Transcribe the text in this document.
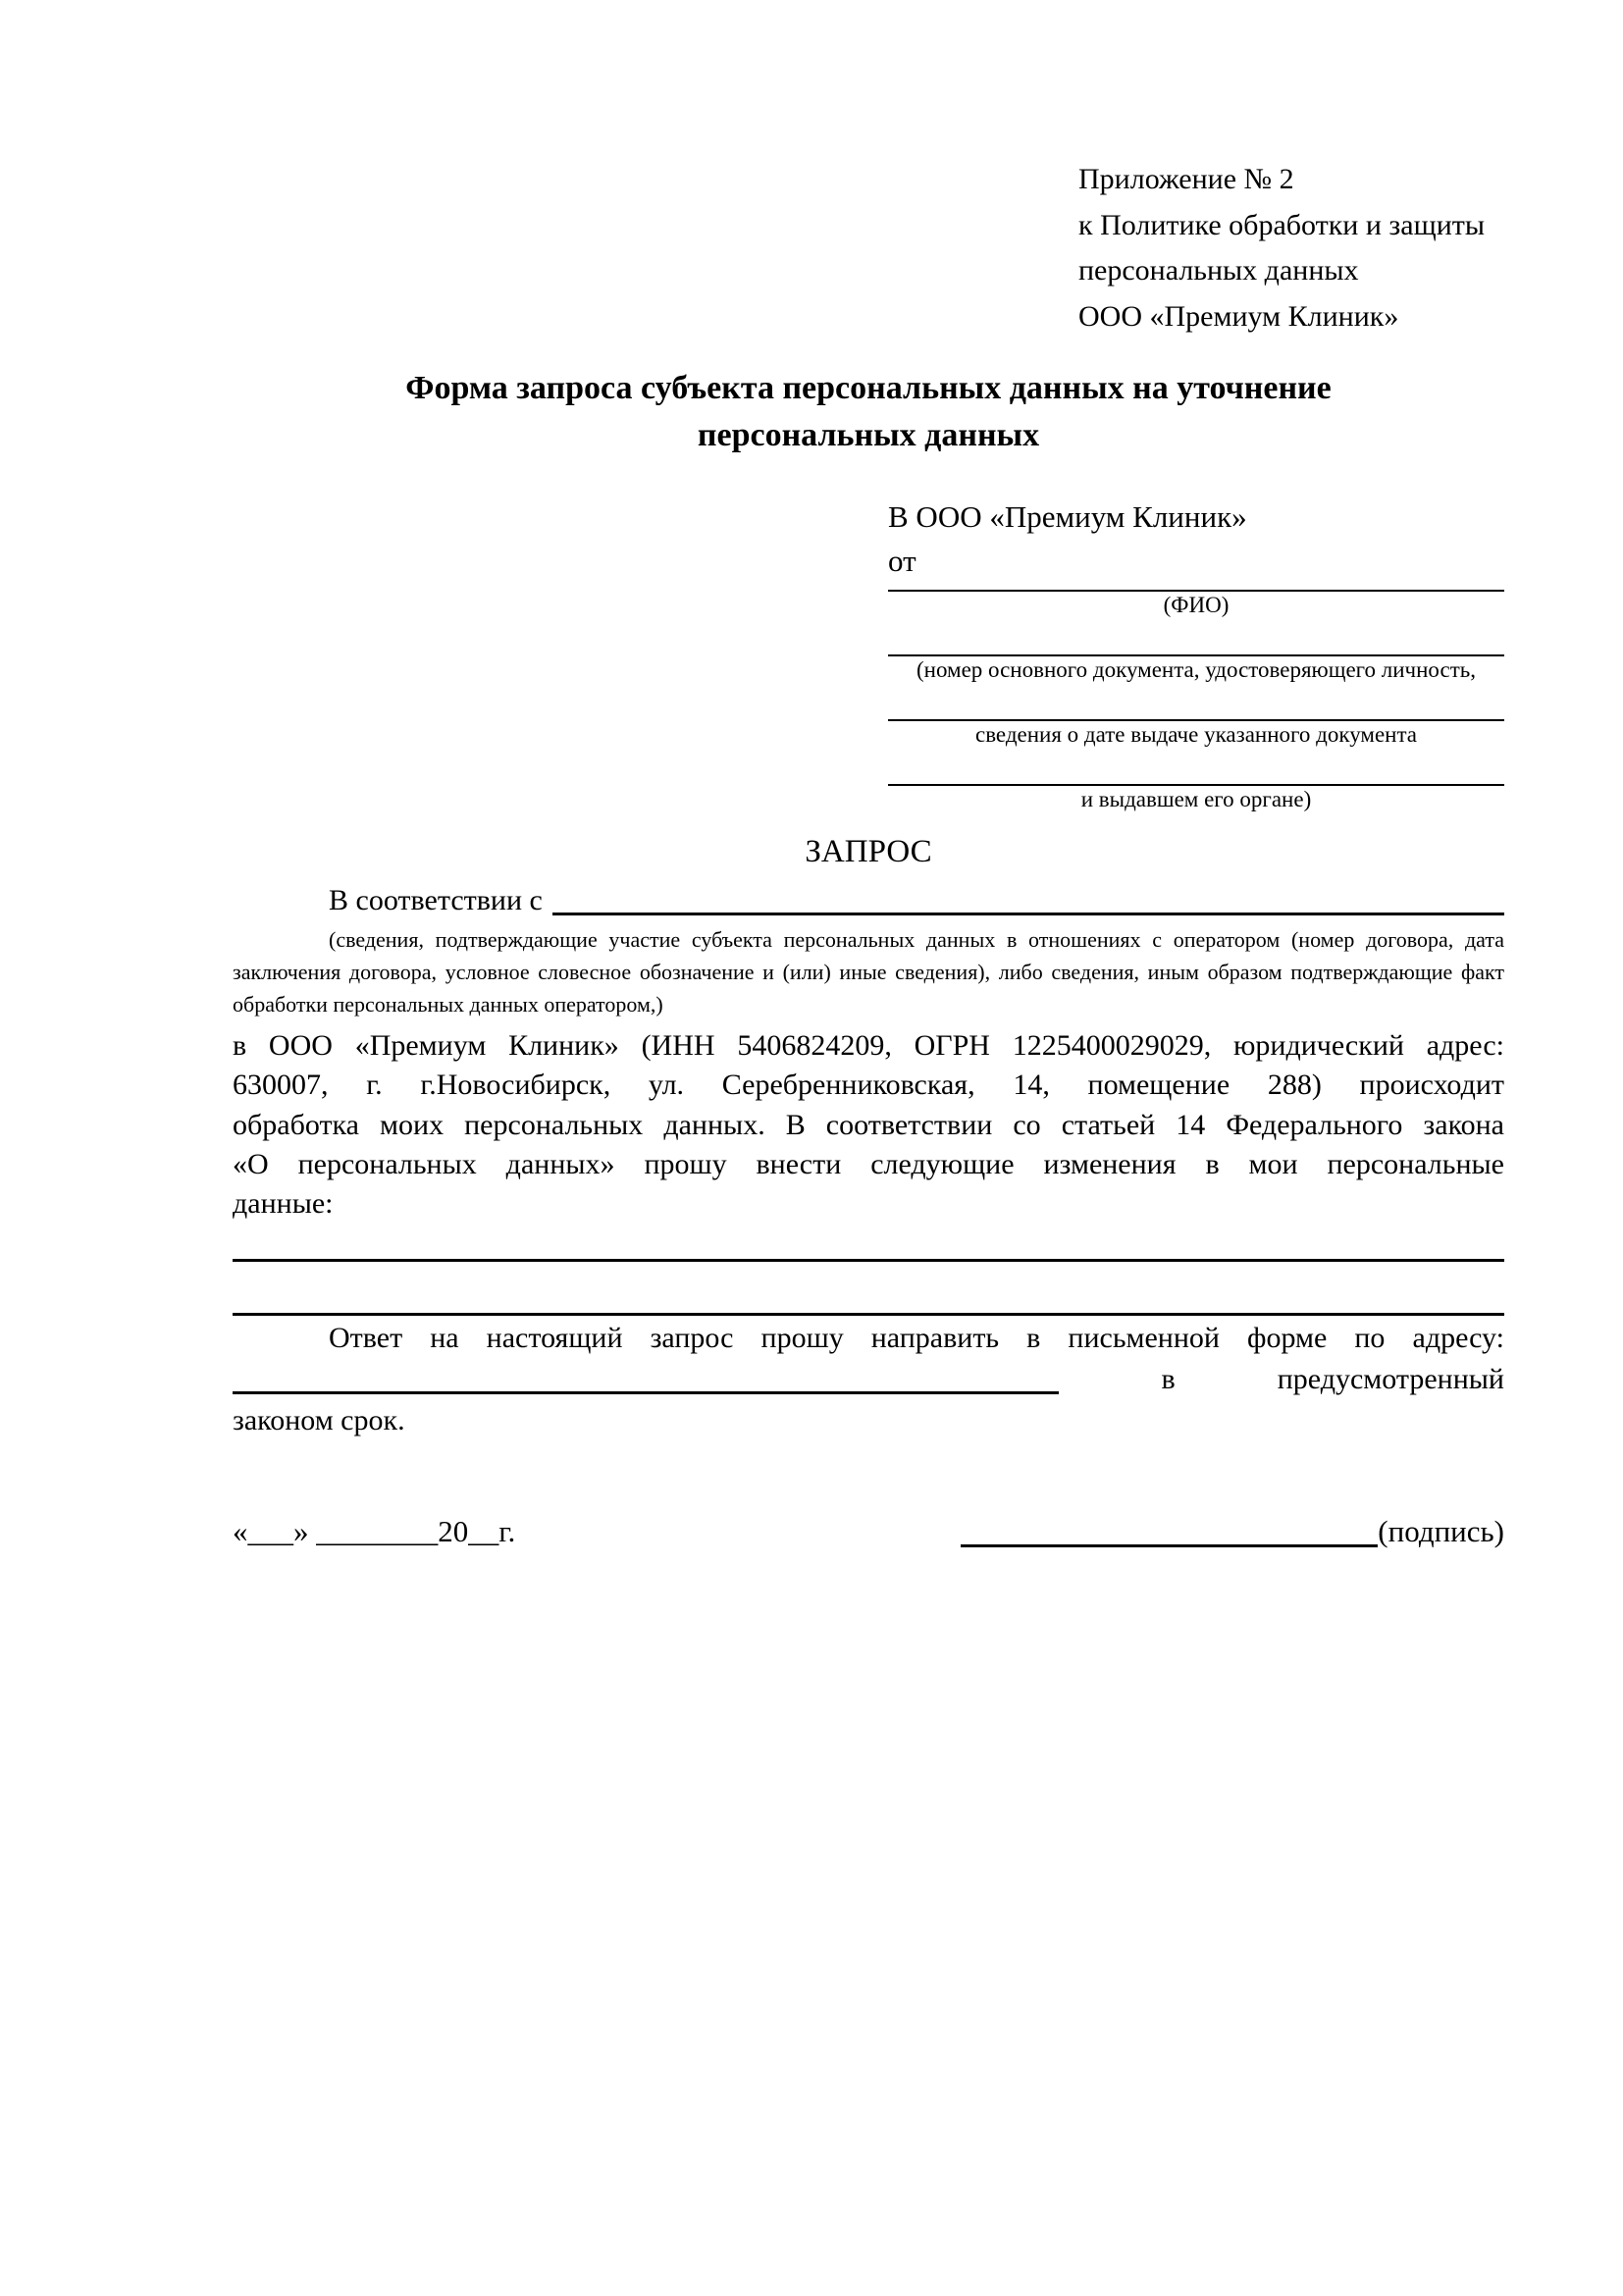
Приложение № 2
к Политике обработки и защиты
персональных данных
ООО «Премиум Клиник»
Форма запроса субъекта персональных данных на уточнение
персональных данных
В ООО «Премиум Клиник»
от
(ФИО)
(номер основного документа, удостоверяющего личность,
сведения о дате выдаче указанного документа
и выдавшем его органе)
ЗАПРОС
В соответствии с
(сведения, подтверждающие участие субъекта персональных данных в отношениях с оператором (номер договора, дата
заключения договора, условное словесное обозначение и (или) иные сведения), либо сведения, иным образом подтверждающие факт
обработки персональных данных оператором,)
в ООО «Премиум Клиник» (ИНН 5406824209, ОГРН 1225400029029, юридический адрес:
630007, г. г.Новосибирск, ул. Серебренниковская, 14, помещение 288) происходит
обработка моих персональных данных. В соответствии со статьей 14 Федерального закона
«О персональных данных» прошу внести следующие изменения в мои персональные
данные:
Ответ на настоящий запрос прошу направить в письменной форме по адресу:
в	предусмотренный
законом срок.
«___» ________20__г.	(подпись)
